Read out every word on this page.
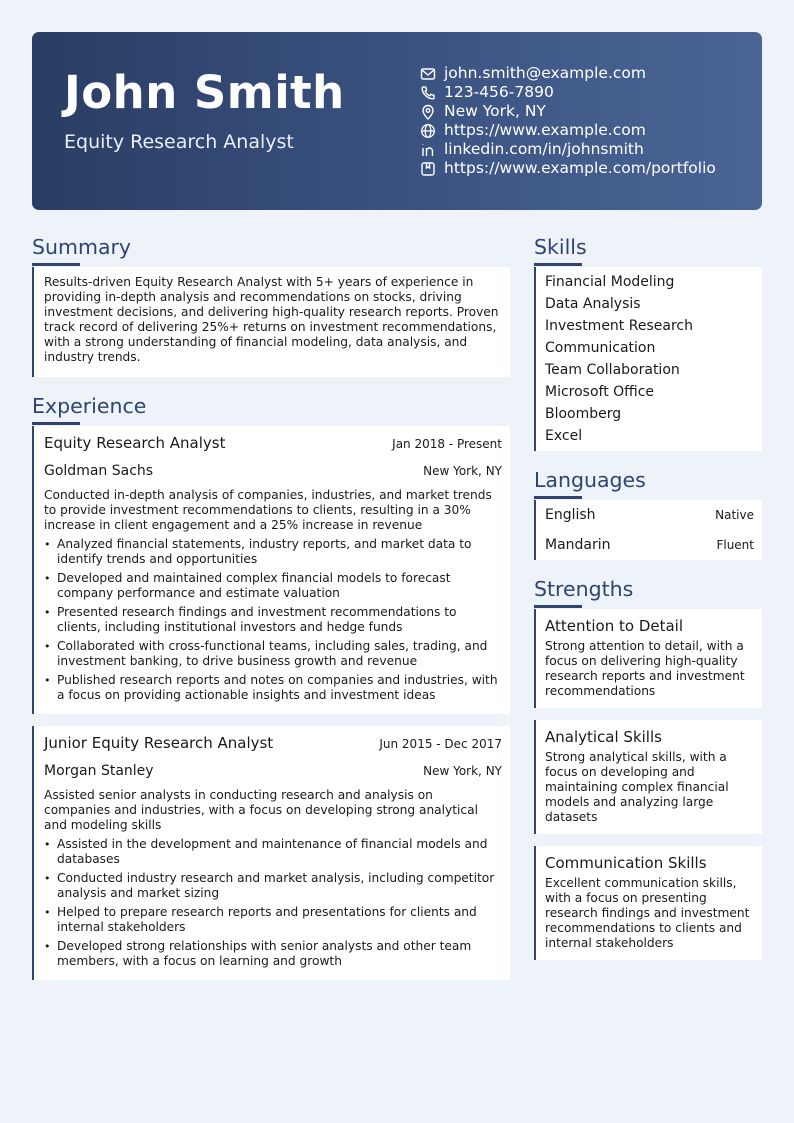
John Smith
Equity Research Analyst
john.smith@example.com
123-456-7890
New York, NY
https://www.example.com
linkedin.com/in/johnsmith
https://www.example.com/portfolio
Summary
Results-driven Equity Research Analyst with 5+ years of experience in providing in-depth analysis and recommendations on stocks, driving investment decisions, and delivering high-quality research reports. Proven track record of delivering 25%+ returns on investment recommendations, with a strong understanding of financial modeling, data analysis, and industry trends.
Experience
Equity Research Analyst	Jan 2018 - Present
Goldman Sachs	New York, NY
Conducted in-depth analysis of companies, industries, and market trends to provide investment recommendations to clients, resulting in a 30% increase in client engagement and a 25% increase in revenue
• Analyzed financial statements, industry reports, and market data to identify trends and opportunities
• Developed and maintained complex financial models to forecast company performance and estimate valuation
• Presented research findings and investment recommendations to clients, including institutional investors and hedge funds
• Collaborated with cross-functional teams, including sales, trading, and investment banking, to drive business growth and revenue
• Published research reports and notes on companies and industries, with a focus on providing actionable insights and investment ideas
Junior Equity Research Analyst	Jun 2015 - Dec 2017
Morgan Stanley	New York, NY
Assisted senior analysts in conducting research and analysis on companies and industries, with a focus on developing strong analytical and modeling skills
• Assisted in the development and maintenance of financial models and databases
• Conducted industry research and market analysis, including competitor analysis and market sizing
• Helped to prepare research reports and presentations for clients and internal stakeholders
• Developed strong relationships with senior analysts and other team members, with a focus on learning and growth
Skills
Financial Modeling
Data Analysis
Investment Research
Communication
Team Collaboration
Microsoft Office
Bloomberg
Excel
Languages
English	Native
Mandarin	Fluent
Strengths
Attention to Detail
Strong attention to detail, with a focus on delivering high-quality research reports and investment recommendations
Analytical Skills
Strong analytical skills, with a focus on developing and maintaining complex financial models and analyzing large datasets
Communication Skills
Excellent communication skills, with a focus on presenting research findings and investment recommendations to clients and internal stakeholders
